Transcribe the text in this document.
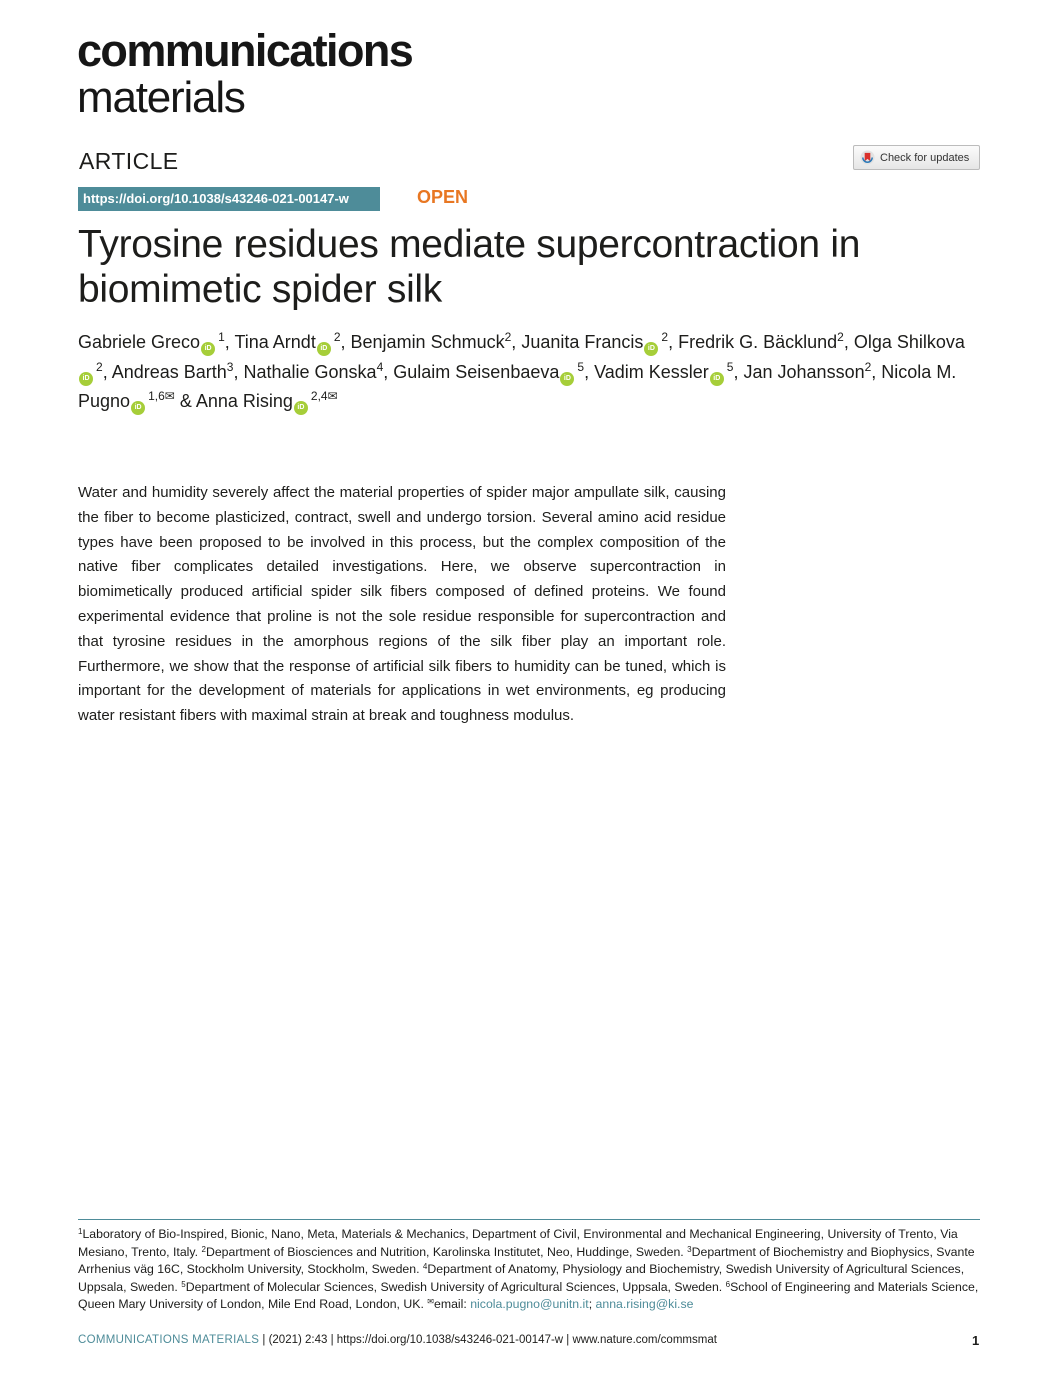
communications
materials
ARTICLE	Check for updates
https://doi.org/10.1038/s43246-021-00147-w	OPEN
Tyrosine residues mediate supercontraction in biomimetic spider silk
Gabriele Greco $iD^1$, Tina Arndt $iD^2$, Benjamin Schmuck$^2$, Juanita Francis $iD^2$, Fredrik G. Bäcklund$^2$, Olga ShilkovaiD$^2$, Andreas Barth$^3$, Nathalie Gonska$^4$, Gulaim Seisenbaeva $iD^5$, Vadim Kessler $iD^5$, Jan Johansson$^2$, Nicola M. Pugno $iD^{1,6✉}$ & Anna Rising $iD^{2,4✉}$
Water and humidity severely affect the material properties of spider major ampullate silk, causing the fiber to become plasticized, contract, swell and undergo torsion. Several amino acid residue types have been proposed to be involved in this process, but the complex composition of the native fiber complicates detailed investigations. Here, we observe supercontraction in biomimetically produced artificial spider silk fibers composed of defined proteins. We found experimental evidence that proline is not the sole residue responsible for supercontraction and that tyrosine residues in the amorphous regions of the silk fiber play an important role. Furthermore, we show that the response of artificial silk fibers to humidity can be tuned, which is important for the development of materials for applications in wet environments, eg producing water resistant fibers with maximal strain at break and toughness modulus.
$^1$Laboratory of Bio-Inspired, Bionic, Nano, Meta, Materials & Mechanics, Department of Civil, Environmental and Mechanical Engineering, University of Trento, Via Mesiano, Trento, Italy. $^2$Department of Biosciences and Nutrition, Karolinska Institutet, Neo, Huddinge, Sweden. $^3$Department of Biochemistry and Biophysics, Svante Arrhenius väg 16C, Stockholm University, Stockholm, Sweden. $^4$Department of Anatomy, Physiology and Biochemistry, Swedish University of Agricultural Sciences, Uppsala, Sweden. $^5$Department of Molecular Sciences, Swedish University of Agricultural Sciences, Uppsala, Sweden. $^6$School of Engineering and Materials Science, Queen Mary University of London, Mile End Road, London, UK. ✉email: nicola.pugno@unitn.it; anna.rising@ki.se
COMMUNICATIONS MATERIALS | (2021) 2:43 | https://doi.org/10.1038/s43246-021-00147-w | www.nature.com/commsmat	1
